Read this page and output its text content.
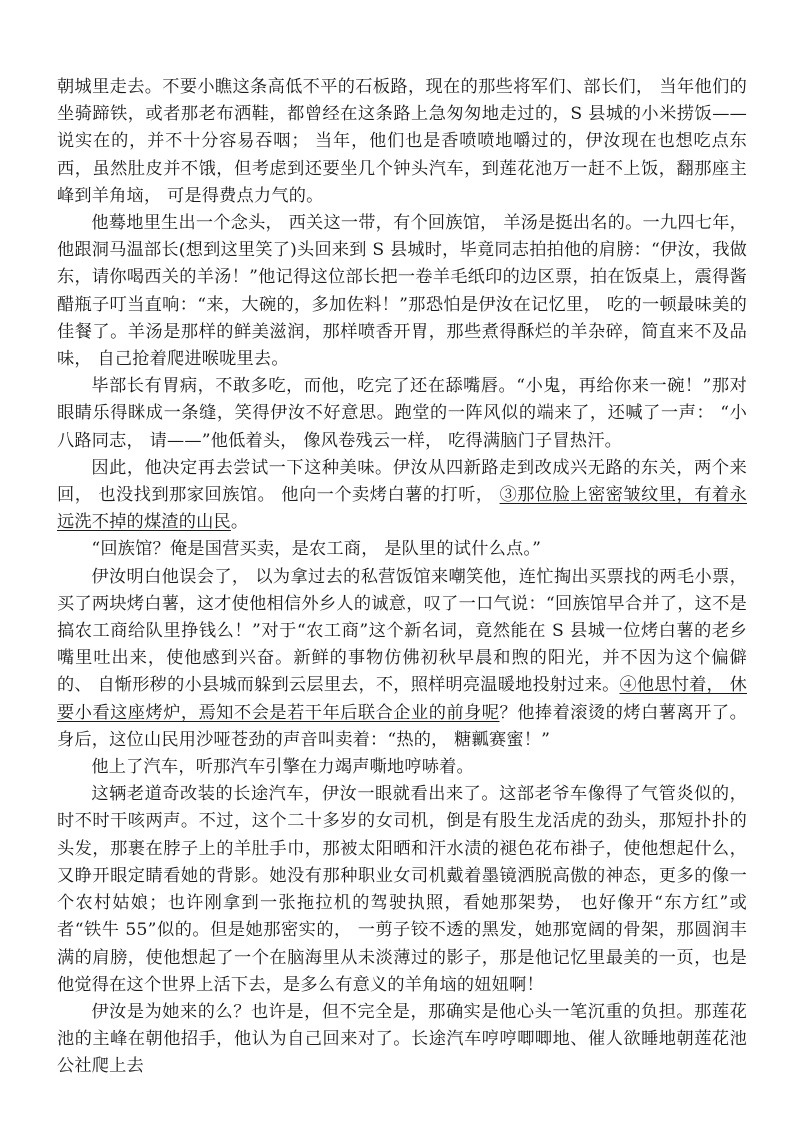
朝城里走去。不要小瞧这条高低不平的石板路，现在的那些将军们、部长们， 当年他们的坐骑蹄铁，或者那老布洒鞋，都曾经在这条路上急匆匆地走过的，S 县城的小米捞饭——说实在的，并不十分容易吞咽； 当年，他们也是香喷喷地嚼过的，伊汝现在也想吃点东西，虽然肚皮并不饿，但考虑到还要坐几个钟头汽车，到莲花池万一赶不上饭，翻那座主峰到羊角垴， 可是得费点力气的。

他蓦地里生出一个念头， 西关这一带，有个回族馆， 羊汤是挺出名的。一九四七年，他跟洞马温部长(想到这里笑了)头回来到 S 县城时，毕竟同志拍拍他的肩膀：“伊汝，我做东，请你喝西关的羊汤！”他记得这位部长把一卷羊毛纸印的边区票，拍在饭桌上，震得酱醋瓶子叮当直响：“来，大碗的，多加佐料！”那恐怕是伊汝在记忆里， 吃的一顿最味美的佳餐了。羊汤是那样的鲜美滋润，那样喷香开胃，那些煮得酥烂的羊杂碎，简直来不及品味， 自己抢着爬进喉咙里去。

毕部长有胃病，不敢多吃，而他，吃完了还在舔嘴唇。“小鬼，再给你来一碗！”那对眼睛乐得眯成一条缝，笑得伊汝不好意思。跑堂的一阵风似的端来了，还喊了一声： “小八路同志， 请——”他低着头， 像风卷残云一样， 吃得满脑门子冒热汗。

因此，他决定再去尝试一下这种美味。伊汝从四新路走到改成兴无路的东关，两个来回， 也没找到那家回族馆。 他向一个卖烤白薯的打听， ③那位脸上密密皱纹里，有着永远洗不掉的煤渣的山民。

“回族馆？俺是国营买卖，是农工商， 是队里的试什么点。”

伊汝明白他误会了， 以为拿过去的私营饭馆来嘲笑他，连忙掏出买票找的两毛小票，买了两块烤白薯，这才使他相信外乡人的诚意，叹了一口气说：“回族馆早合并了，这不是搞农工商给队里挣钱么！”对于“农工商”这个新名词，竟然能在 S 县城一位烤白薯的老乡嘴里吐出来，使他感到兴奋。新鲜的事物仿佛初秋早晨和煦的阳光，并不因为这个偏僻的、 自惭形秽的小县城而躲到云层里去，不，照样明亮温暖地投射过来。④他思忖着， 休要小看这座烤炉，焉知不会是若干年后联合企业的前身呢？他捧着滚烫的烤白薯离开了。身后，这位山民用沙哑苍劲的声音叫卖着：“热的， 糖瓤赛蜜！”

他上了汽车，听那汽车引擎在力竭声嘶地哼哧着。

这辆老道奇改装的长途汽车，伊汝一眼就看出来了。这部老爷车像得了气管炎似的，时不时干咳两声。不过，这个二十多岁的女司机，倒是有股生龙活虎的劲头，那短扑扑的头发，那裹在脖子上的羊肚手巾，那被太阳晒和汗水渍的褪色花布褂子，使他想起什么，又睁开眼定睛看她的背影。她没有那种职业女司机戴着墨镜洒脱高傲的神态，更多的像一个农村姑娘；也许刚拿到一张拖拉机的驾驶执照，看她那架势， 也好像开“东方红”或者“铁牛 55”似的。但是她那密实的， 一剪子铰不透的黑发，她那宽阔的骨架，那圆润丰满的肩膀，使他想起了一个在脑海里从未淡薄过的影子，那是他记忆里最美的一页，也是他觉得在这个世界上活下去，是多么有意义的羊角垴的妞妞啊！

伊汝是为她来的么？也许是，但不完全是，那确实是他心头一笔沉重的负担。那莲花池的主峰在朝他招手，他认为自己回来对了。长途汽车哼哼唧唧地、催人欲睡地朝莲花池公社爬上去
